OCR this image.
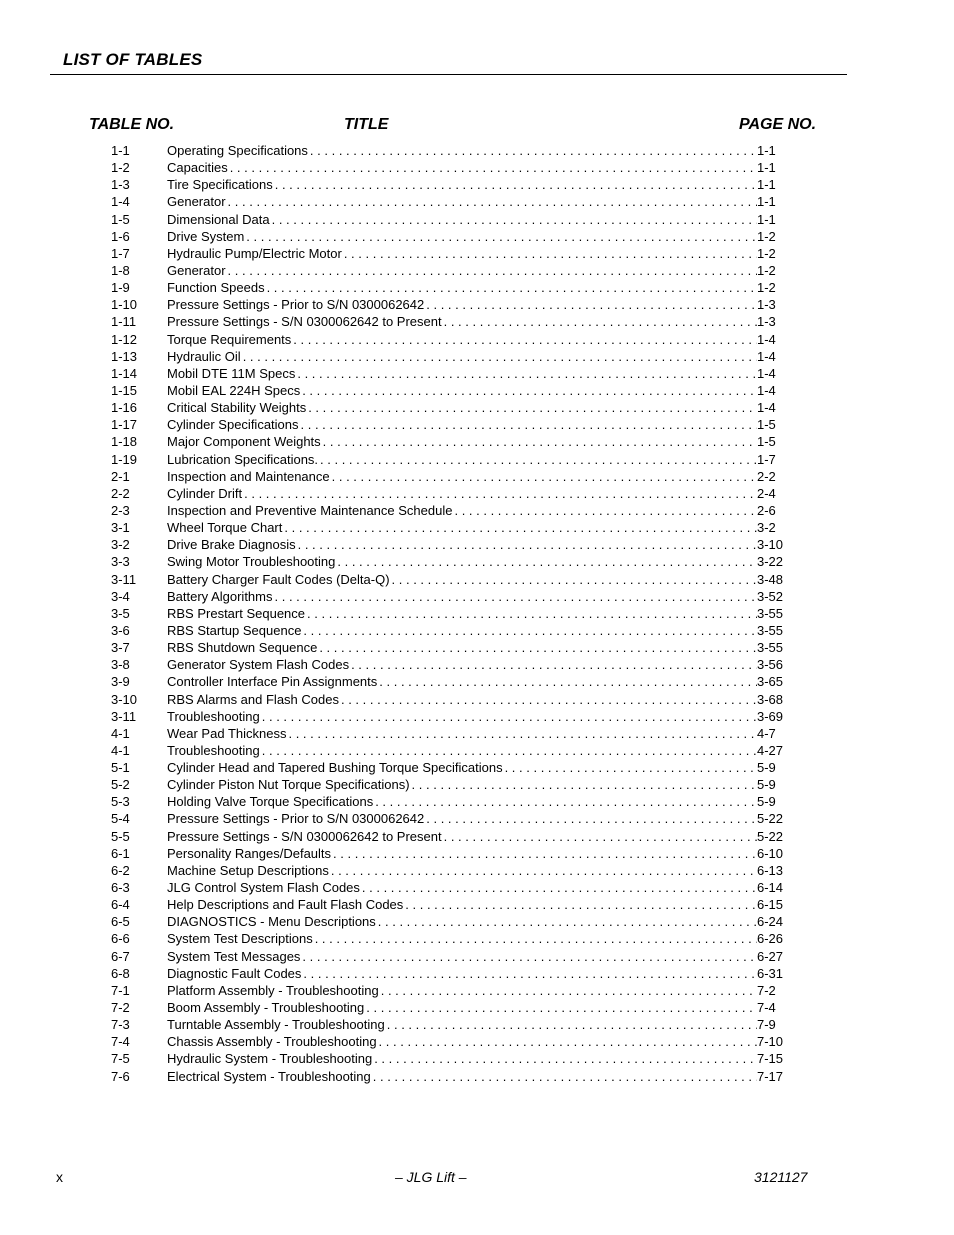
LIST OF TABLES
TABLE NO.	TITLE	PAGE NO.
1-1	Operating Specifications . . .	1-1
1-2	Capacities . . .	1-1
1-3	Tire Specifications . . .	1-1
1-4	Generator . . .	1-1
1-5	Dimensional Data . . .	1-1
1-6	Drive System . . .	1-2
1-7	Hydraulic Pump/Electric Motor . . .	1-2
1-8	Generator . . .	1-2
1-9	Function Speeds . . .	1-2
1-10	Pressure Settings - Prior to S/N 0300062642 . . .	1-3
1-11	Pressure Settings - S/N 0300062642 to Present . . .	1-3
1-12	Torque Requirements . . .	1-4
1-13	Hydraulic Oil . . .	1-4
1-14	Mobil DTE 11M Specs . . .	1-4
1-15	Mobil EAL 224H Specs . . .	1-4
1-16	Critical Stability Weights . . .	1-4
1-17	Cylinder Specifications . . .	1-5
1-18	Major Component Weights . . .	1-5
1-19	Lubrication Specifications. . . .	1-7
2-1	Inspection and Maintenance . . .	2-2
2-2	Cylinder Drift . . .	2-4
2-3	Inspection and Preventive Maintenance Schedule . . .	2-6
3-1	Wheel Torque Chart . . .	3-2
3-2	Drive Brake Diagnosis . . .	3-10
3-3	Swing Motor Troubleshooting . . .	3-22
3-11	Battery Charger Fault Codes (Delta-Q) . . .	3-48
3-4	Battery Algorithms . . .	3-52
3-5	RBS Prestart Sequence . . .	3-55
3-6	RBS Startup Sequence . . .	3-55
3-7	RBS Shutdown Sequence . . .	3-55
3-8	Generator System Flash Codes . . .	3-56
3-9	Controller Interface Pin Assignments . . .	3-65
3-10	RBS Alarms and Flash Codes . . .	3-68
3-11	Troubleshooting . . .	3-69
4-1	Wear Pad Thickness . . .	4-7
4-1	Troubleshooting . . .	4-27
5-1	Cylinder Head and Tapered Bushing Torque Specifications . . .	5-9
5-2	Cylinder Piston Nut Torque Specifications) . . .	5-9
5-3	Holding Valve Torque Specifications . . .	5-9
5-4	Pressure Settings - Prior to S/N 0300062642 . . .	5-22
5-5	Pressure Settings - S/N 0300062642 to Present . . .	5-22
6-1	Personality Ranges/Defaults . . .	6-10
6-2	Machine Setup Descriptions . . .	6-13
6-3	JLG Control System Flash Codes . . .	6-14
6-4	Help Descriptions and Fault Flash Codes . . .	6-15
6-5	DIAGNOSTICS - Menu Descriptions . . .	6-24
6-6	System Test Descriptions . . .	6-26
6-7	System Test Messages . . .	6-27
6-8	Diagnostic Fault Codes . . .	6-31
7-1	Platform Assembly - Troubleshooting . . .	7-2
7-2	Boom Assembly - Troubleshooting . . .	7-4
7-3	Turntable Assembly - Troubleshooting . . .	7-9
7-4	Chassis Assembly - Troubleshooting . . .	7-10
7-5	Hydraulic System - Troubleshooting . . .	7-15
7-6	Electrical System - Troubleshooting . . .	7-17
x	– JLG Lift –	3121127
